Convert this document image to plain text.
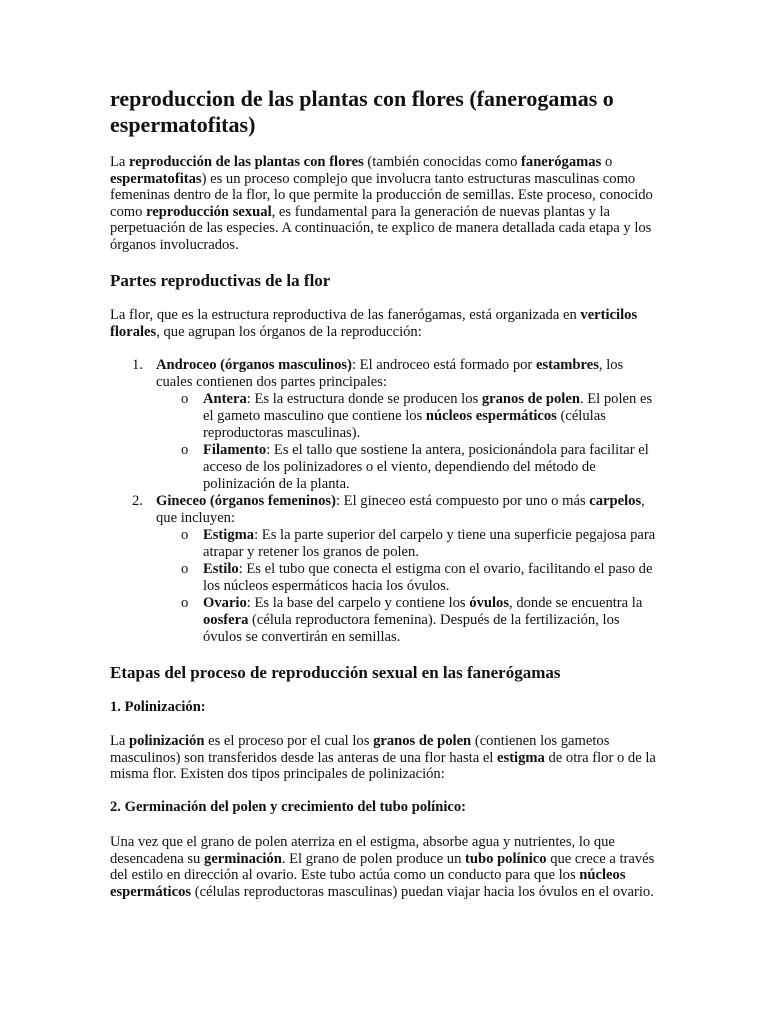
reproduccion de las plantas con flores (fanerogamas o espermatofitas)

La reproducción de las plantas con flores (también conocidas como fanerógamas o espermatofitas) es un proceso complejo que involucra tanto estructuras masculinas como femeninas dentro de la flor, lo que permite la producción de semillas. Este proceso, conocido como reproducción sexual, es fundamental para la generación de nuevas plantas y la perpetuación de las especies. A continuación, te explico de manera detallada cada etapa y los órganos involucrados.

Partes reproductivas de la flor

La flor, que es la estructura reproductiva de las fanerógamas, está organizada en verticilos florales, que agrupan los órganos de la reproducción:

1. Androceo (órganos masculinos): El androceo está formado por estambres, los cuales contienen dos partes principales:
o Antera: Es la estructura donde se producen los granos de polen. El polen es el gameto masculino que contiene los núcleos espermáticos (células reproductoras masculinas).
o Filamento: Es el tallo que sostiene la antera, posicionándola para facilitar el acceso de los polinizadores o el viento, dependiendo del método de polinización de la planta.
2. Gineceo (órganos femeninos): El gineceo está compuesto por uno o más carpelos, que incluyen:
o Estigma: Es la parte superior del carpelo y tiene una superficie pegajosa para atrapar y retener los granos de polen.
o Estilo: Es el tubo que conecta el estigma con el ovario, facilitando el paso de los núcleos espermáticos hacia los óvulos.
o Ovario: Es la base del carpelo y contiene los óvulos, donde se encuentra la oosfera (célula reproductora femenina). Después de la fertilización, los óvulos se convertirán en semillas.
Etapas del proceso de reproducción sexual en las fanerógamas
1. Polinización:

La polinización es el proceso por el cual los granos de polen (contienen los gametos masculinos) son transferidos desde las anteras de una flor hasta el estigma de otra flor o de la misma flor. Existen dos tipos principales de polinización:

2. Germinación del polen y crecimiento del tubo polínico:

Una vez que el grano de polen aterriza en el estigma, absorbe agua y nutrientes, lo que desencadena su germinación. El grano de polen produce un tubo polínico que crece a través del estilo en dirección al ovario. Este tubo actúa como un conducto para que los núcleos espermáticos (células reproductoras masculinas) puedan viajar hacia los óvulos en el ovario.
